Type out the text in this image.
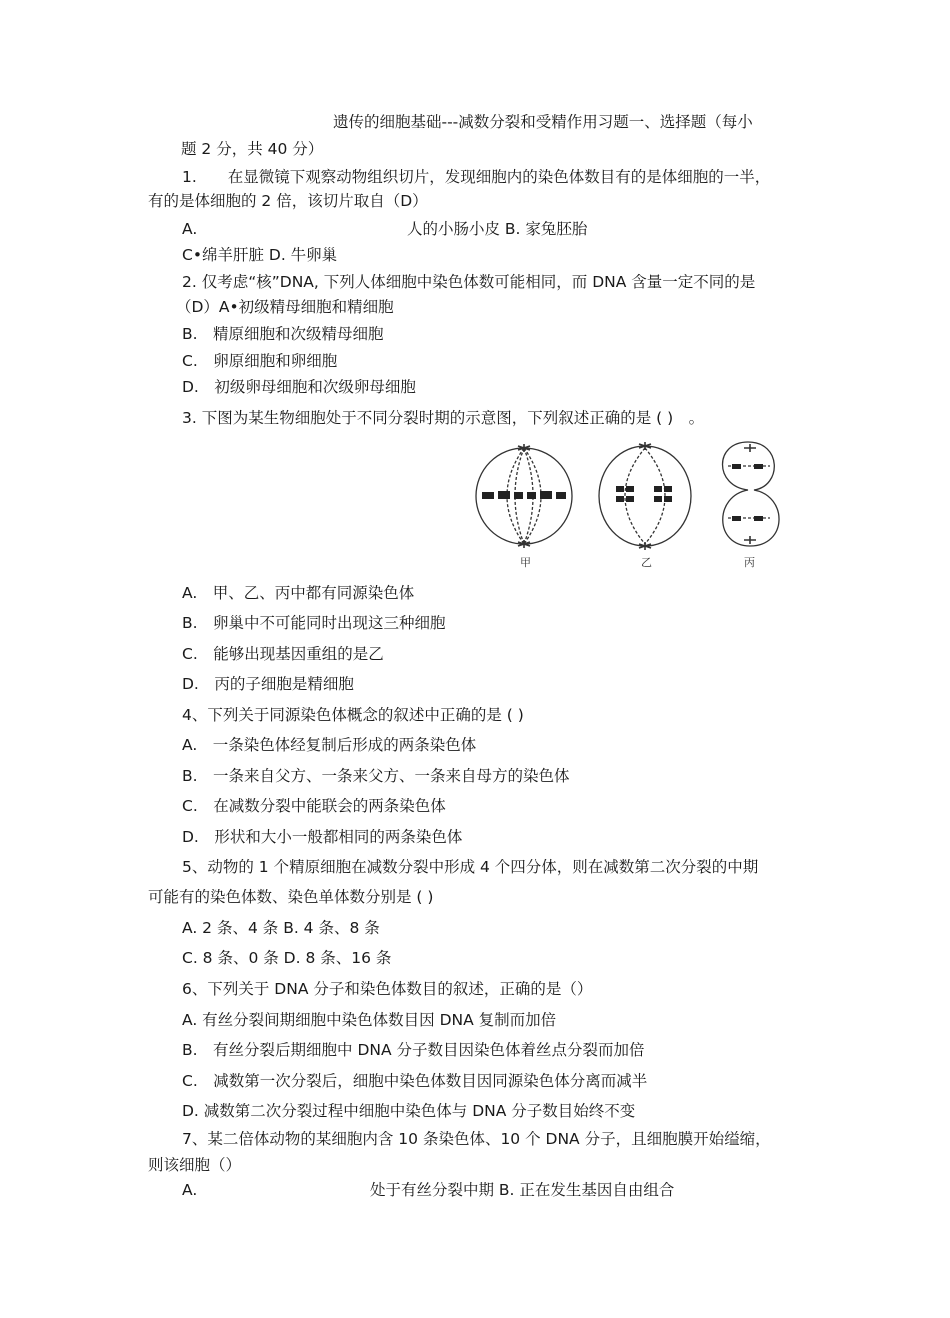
遗传的细胞基础---减数分裂和受精作用习题一、选择题（每小
题 2 分，共 40 分）
1.　　在显微镜下观察动物组织切片，发现细胞内的染色体数目有的是体细胞的一半，
有的是体细胞的 2 倍，该切片取自（D）
A.	人的小肠小皮 B. 家兔胚胎
C•绵羊肝脏 D. 牛卵巢
2. 仅考虑“核”DNA, 下列人体细胞中染色体数可能相同，而 DNA 含量一定不同的是
（D）A•初级精母细胞和精细胞
B.　精原细胞和次级精母细胞
C.　卵原细胞和卵细胞
D.　初级卵母细胞和次级卵母细胞
3. 下图为某生物细胞处于不同分裂时期的示意图，下列叙述正确的是 ( )　。
甲	乙	丙
A.　甲、乙、丙中都有同源染色体
B.　卵巢中不可能同时出现这三种细胞
C.　能够出现基因重组的是乙
D.　丙的子细胞是精细胞
4、下列关于同源染色体概念的叙述中正确的是 ( )
A.　一条染色体经复制后形成的两条染色体
B.　一条来自父方、一条来父方、一条来自母方的染色体
C.　在减数分裂中能联会的两条染色体
D.　形状和大小一般都相同的两条染色体
5、动物的 1 个精原细胞在减数分裂中形成 4 个四分体，则在减数第二次分裂的中期
可能有的染色体数、染色单体数分别是 ( )
A. 2 条、4 条 B. 4 条、8 条
C. 8 条、0 条 D. 8 条、16 条
6、下列关于 DNA 分子和染色体数目的叙述，正确的是（）
A. 有丝分裂间期细胞中染色体数目因 DNA 复制而加倍
B.　有丝分裂后期细胞中 DNA 分子数目因染色体着丝点分裂而加倍
C.　减数第一次分裂后，细胞中染色体数目因同源染色体分离而减半
D. 减数第二次分裂过程中细胞中染色体与 DNA 分子数目始终不变
7、某二倍体动物的某细胞内含 10 条染色体、10 个 DNA 分子，且细胞膜开始缢缩，
则该细胞（）
A.	处于有丝分裂中期 B. 正在发生基因自由组合
